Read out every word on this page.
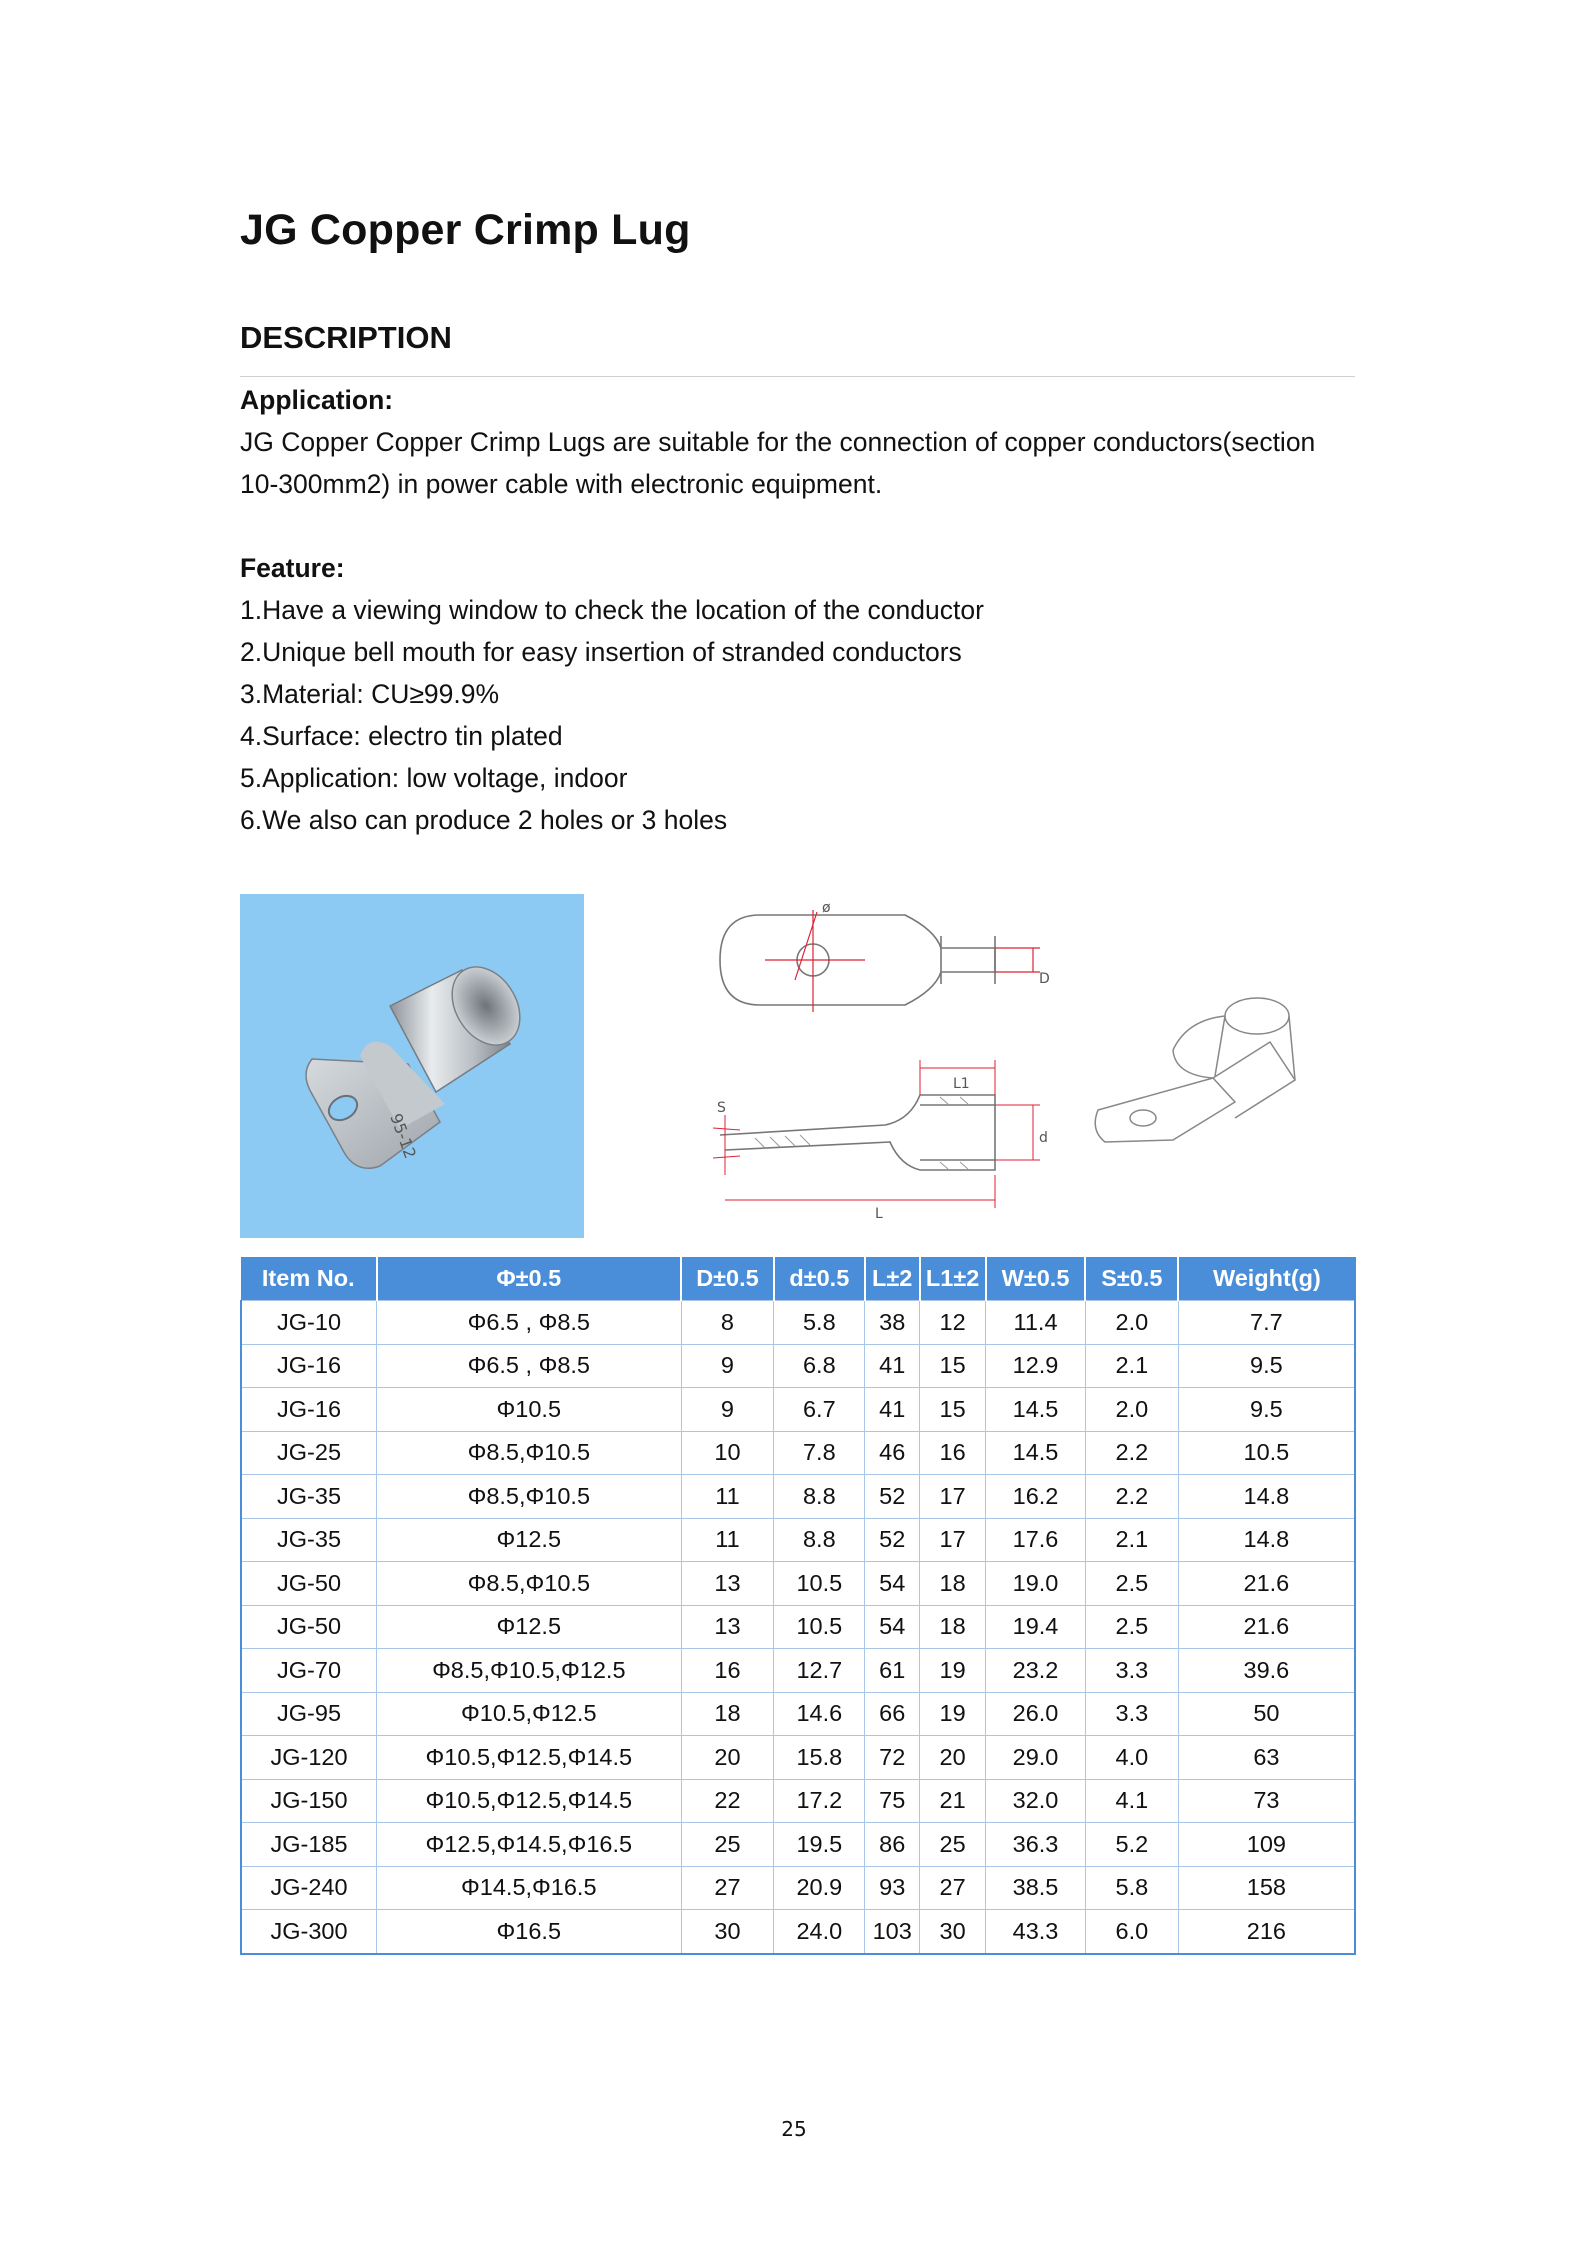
JG Copper Crimp Lug
DESCRIPTION

Application:

JG Copper Copper Crimp Lugs are suitable for the connection of copper conductors(section

10-300mm2) in power cable with electronic equipment.

Feature:

1.Have a viewing window to check the location of the conductor

2.Unique bell mouth for easy insertion of stranded conductors

3.Material: CU≥99.9%

4.Surface: electro tin plated

5.Application: low voltage, indoor

6.We also can produce 2 holes or 3 holes

95-12
ø
D
L1
S
d
L
Item No.	Φ±0.5	D±0.5	d±0.5	L±2	L1±2	W±0.5	S±0.5	Weight(g)
JG-10	Φ6.5 , Φ8.5	8	5.8	38	12	11.4	2.0	7.7
JG-16	Φ6.5 , Φ8.5	9	6.8	41	15	12.9	2.1	9.5
JG-16	Φ10.5	9	6.7	41	15	14.5	2.0	9.5
JG-25	Φ8.5,Φ10.5	10	7.8	46	16	14.5	2.2	10.5
JG-35	Φ8.5,Φ10.5	11	8.8	52	17	16.2	2.2	14.8
JG-35	Φ12.5	11	8.8	52	17	17.6	2.1	14.8
JG-50	Φ8.5,Φ10.5	13	10.5	54	18	19.0	2.5	21.6
JG-50	Φ12.5	13	10.5	54	18	19.4	2.5	21.6
JG-70	Φ8.5,Φ10.5,Φ12.5	16	12.7	61	19	23.2	3.3	39.6
JG-95	Φ10.5,Φ12.5	18	14.6	66	19	26.0	3.3	50
JG-120	Φ10.5,Φ12.5,Φ14.5	20	15.8	72	20	29.0	4.0	63
JG-150	Φ10.5,Φ12.5,Φ14.5	22	17.2	75	21	32.0	4.1	73
JG-185	Φ12.5,Φ14.5,Φ16.5	25	19.5	86	25	36.3	5.2	109
JG-240	Φ14.5,Φ16.5	27	20.9	93	27	38.5	5.8	158
JG-300	Φ16.5	30	24.0	103	30	43.3	6.0	216
25
